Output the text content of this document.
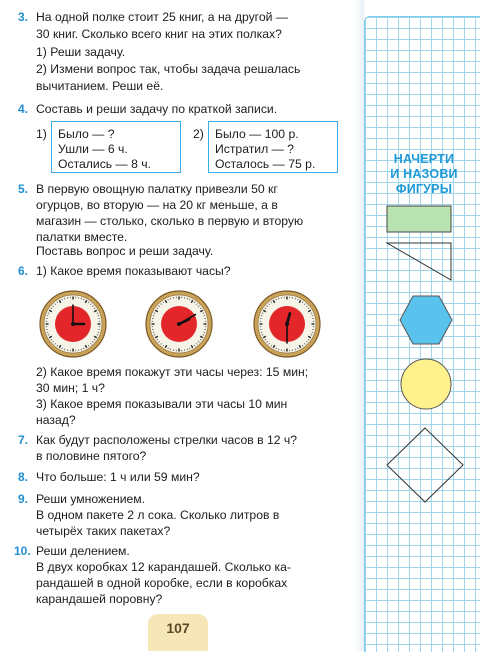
3. На одной полке стоит 25 книг, а на другой —
30 книг. Сколько всего книг на этих полках?
1) Реши задачу.
2) Измени вопрос так, чтобы задача решалась
вычитанием. Реши её.
4. Составь и реши задачу по краткой записи.
1) Было — ?
Ушли — 6 ч.
Остались — 8 ч.
2) Было — 100 р.
Истратил — ?
Осталось — 75 р.
5. В первую овощную палатку привезли 50 кг
огурцов, во вторую — на 20 кг меньше, а в
магазин — столько, сколько в первую и вторую
палатки вместе.
Поставь вопрос и реши задачу.
6. 1) Какое время показывают часы?
2) Какое время покажут эти часы через: 15 мин;
30 мин; 1 ч?
3) Какое время показывали эти часы 10 мин
назад?
7. Как будут расположены стрелки часов в 12 ч?
в половине пятого?
8. Что больше: 1 ч или 59 мин?
9. Реши умножением.
В одном пакете 2 л сока. Сколько литров в
четырёх таких пакетах?
10. Реши делением.
В двух коробках 12 карандашей. Сколько ка-
рандашей в одной коробке, если в коробках
карандашей поровну?
107
НАЧЕРТИ
И НАЗОВИ
ФИГУРЫ
